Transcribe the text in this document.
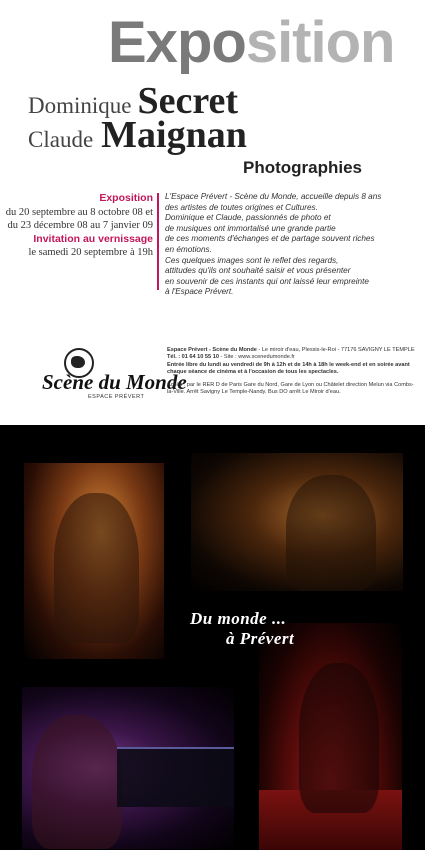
Exposition
Dominique Secret
Claude Maignan
Photographies
Exposition
du 20 septembre au 8 octobre 08 et
du 23 décembre 08 au 7 janvier 09
Invitation au vernissage
le samedi 20 septembre à 19h

L'Espace Prévert - Scène du Monde, accueille depuis 8 ans

des artistes de toutes origines et Cultures.

Dominique et Claude, passionnés de photo et

de musiques ont immortalisé une grande partie

de ces moments d'échanges et de partage souvent riches

en émotions.

Ces quelques images sont le reflet des regards,

attitudes qu'ils ont souhaité saisir et vous présenter

en souvenir de ces instants qui ont laissé leur empreinte

à l'Espace Prévert.

Scène du Monde
ESPACE PRÉVERT
Espace Prévert - Scène du Monde - Le miroir d'eau, Plessis-le-Roi - 77176 SAVIGNY LE TEMPLE
Tél. : 01 64 10 55 10 - Site : www.scenedumonde.fr
Entrée libre du lundi au vendredi de 9h à 12h et de 14h à 18h le week-end et en soirée avant chaque séance de cinéma et à l'occasion de tous les spectacles.
Accès : par le RER D de Paris Gare du Nord, Gare de Lyon ou Châtelet direction Melun via Combs-la-Ville. Arrêt Savigny Le Temple-Nandy. Bus DO arrêt Le Miroir d'eau.
Du monde ...
à Prévert
